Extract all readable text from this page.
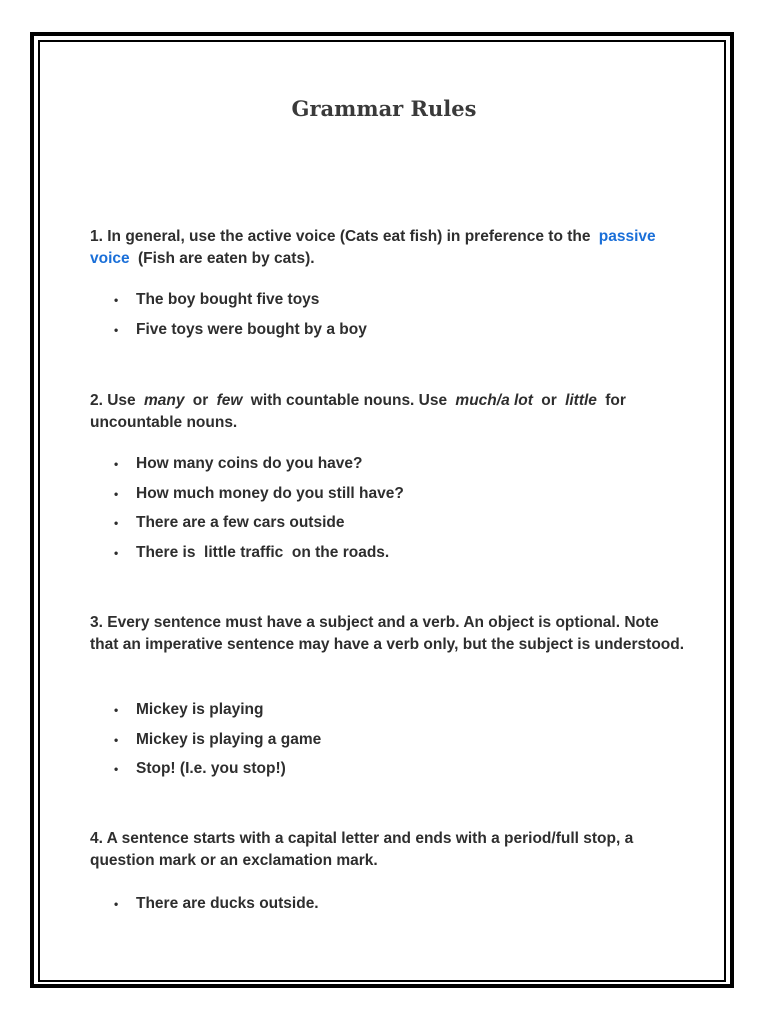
Grammar Rules

1. In general, use the active voice (Cats eat fish) in preference to the passive voice (Fish are eaten by cats).

• The boy bought five toys
• Five toys were bought by a boy

2. Use many or few with countable nouns. Use much/a lot or little for uncountable nouns.

• How many coins do you have?
• How much money do you still have?
• There are a few cars outside
• There is  little traffic  on the roads.

3. Every sentence must have a subject and a verb. An object is optional. Note that an imperative sentence may have a verb only, but the subject is understood.

• Mickey is playing
• Mickey is playing a game
• Stop! (I.e. you stop!)

4. A sentence starts with a capital letter and ends with a period/full stop, a question mark or an exclamation mark.

• There are ducks outside.
